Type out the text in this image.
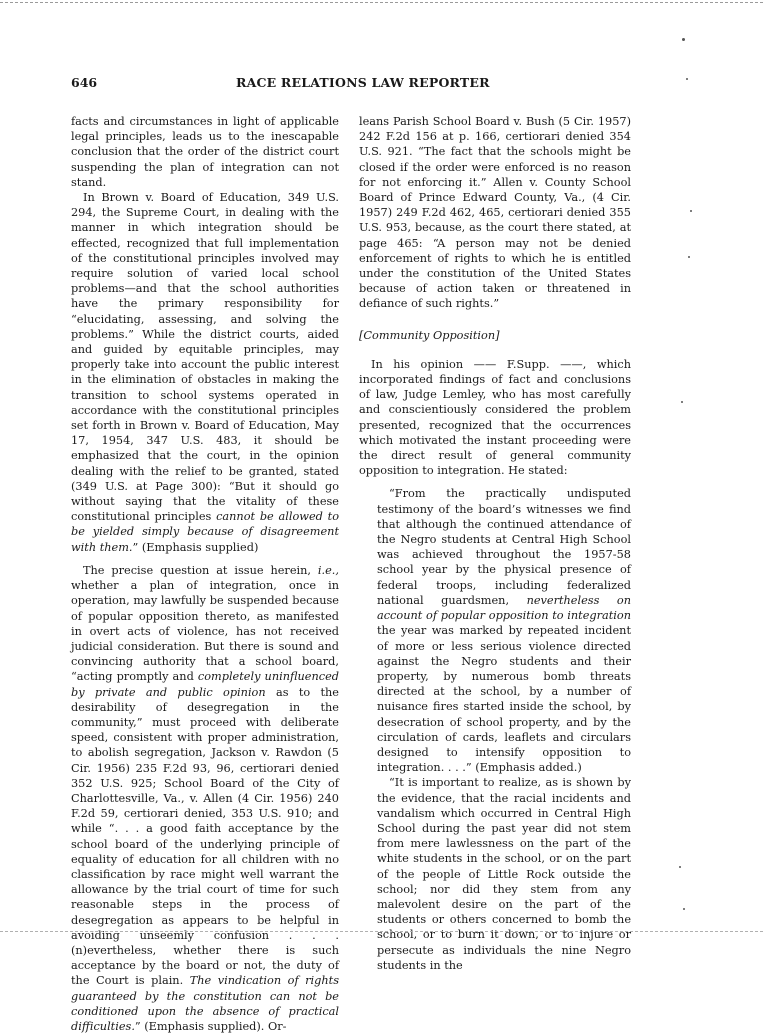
646	RACE RELATIONS LAW REPORTER

facts and circumstances in light of applicable legal principles, leads us to the inescapable conclusion that the order of the district court suspending the plan of integration can not stand.

In Brown v. Board of Education, 349 U.S. 294, the Supreme Court, in dealing with the manner in which integration should be effected, recognized that full implementation of the constitutional principles involved may require solution of varied local school problems—and that the school authorities have the primary responsibility for “elucidating, assessing, and solving the problems.” While the district courts, aided and guided by equitable principles, may properly take into account the public interest in the elimination of obstacles in making the transition to school systems operated in accordance with the constitutional principles set forth in Brown v. Board of Education, May 17, 1954, 347 U.S. 483, it should be emphasized that the court, in the opinion dealing with the relief to be granted, stated (349 U.S. at Page 300): “But it should go without saying that the vitality of these constitutional principles cannot be allowed to be yielded simply because of disagreement with them.” (Emphasis supplied)

The precise question at issue herein, i.e., whether a plan of integration, once in operation, may lawfully be suspended because of popular opposition thereto, as manifested in overt acts of violence, has not received judicial consideration. But there is sound and convincing authority that a school board, “acting promptly and completely uninfluenced by private and public opinion as to the desirability of desegregation in the community,” must proceed with deliberate speed, consistent with proper administration, to abolish segregation, Jackson v. Rawdon (5 Cir. 1956) 235 F.2d 93, 96, certiorari denied 352 U.S. 925; School Board of the City of Charlottesville, Va., v. Allen (4 Cir. 1956) 240 F.2d 59, certiorari denied, 353 U.S. 910; and while “. . . a good faith acceptance by the school board of the underlying principle of equality of education for all children with no classification by race might well warrant the allowance by the trial court of time for such reasonable steps in the process of desegregation as appears to be helpful in avoiding unseemly confusion . . . (n)evertheless, whether there is such acceptance by the board or not, the duty of the Court is plain. The vindication of rights guaranteed by the constitution can not be conditioned upon the absence of practical difficulties.” (Emphasis supplied). Or-

leans Parish School Board v. Bush (5 Cir. 1957) 242 F.2d 156 at p. 166, certiorari denied 354 U.S. 921. “The fact that the schools might be closed if the order were enforced is no reason for not enforcing it.” Allen v. County School Board of Prince Edward County, Va., (4 Cir. 1957) 249 F.2d 462, 465, certiorari denied 355 U.S. 953, because, as the court there stated, at page 465: “A person may not be denied enforcement of rights to which he is entitled under the constitution of the United States because of action taken or threatened in defiance of such rights.”

[Community Opposition]

In his opinion —— F.Supp. ——, which incorporated findings of fact and conclusions of law, Judge Lemley, who has most carefully and conscientiously considered the problem presented, recognized that the occurrences which motivated the instant proceeding were the direct result of general community opposition to integration. He stated:

“From the practically undisputed testimony of the board’s witnesses we find that although the continued attendance of the Negro students at Central High School was achieved throughout the 1957-58 school year by the physical presence of federal troops, including federalized national guardsmen, nevertheless on account of popular opposition to integration the year was marked by repeated incident of more or less serious violence directed against the Negro students and their property, by numerous bomb threats directed at the school, by a number of nuisance fires started inside the school, by desecration of school property, and by the circulation of cards, leaflets and circulars designed to intensify opposition to integration. . . .” (Emphasis added.)

“It is important to realize, as is shown by the evidence, that the racial incidents and vandalism which occurred in Central High School during the past year did not stem from mere lawlessness on the part of the white students in the school, or on the part of the people of Little Rock outside the school; nor did they stem from any malevolent desire on the part of the students or others concerned to bomb the school, or to burn it down, or to injure or persecute as individuals the nine Negro students in the
